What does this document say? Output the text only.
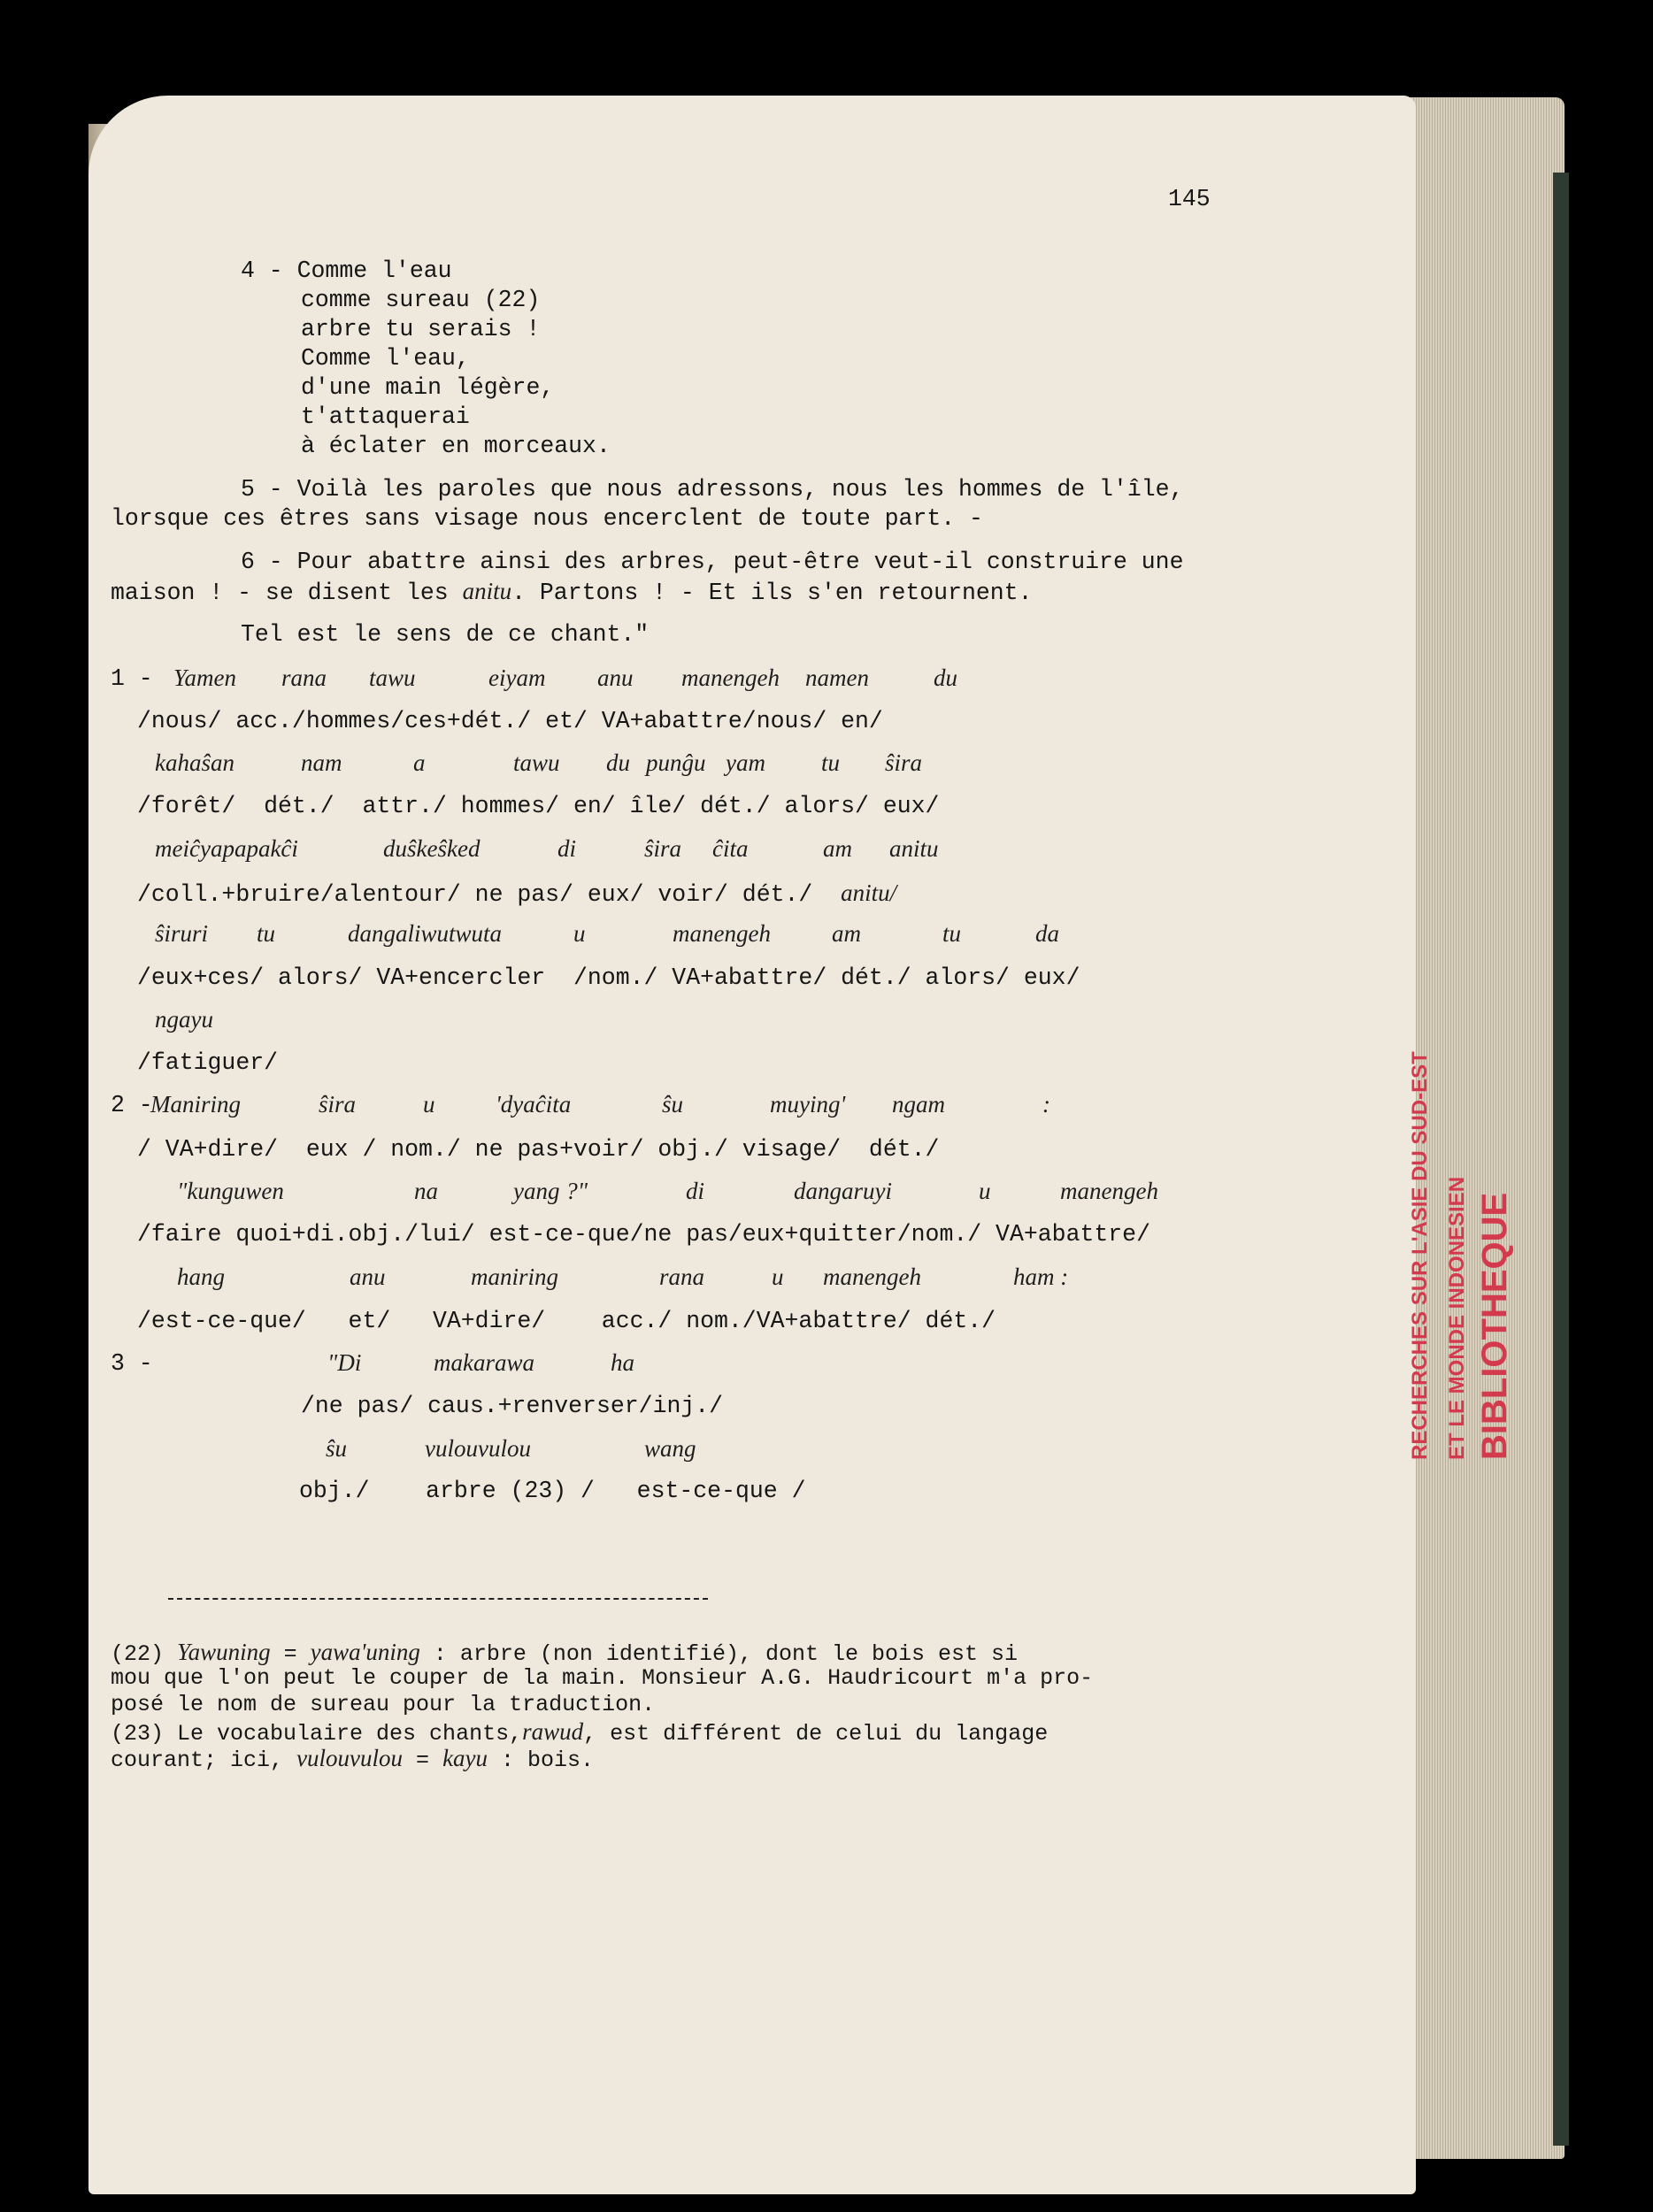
145
4 - Comme l'eau
comme sureau (22)
arbre tu serais !
Comme l'eau,
d'une main légère,
t'attaquerai
à éclater en morceaux.
5 - Voilà les paroles que nous adressons, nous les hommes de l'île,
lorsque ces êtres sans visage nous encerclent de toute part. -
6 - Pour abattre ainsi des arbres, peut-être veut-il construire une
maison ! - se disent les anitu. Partons ! - Et ils s'en retournent.
Tel est le sens de ce chant."
1 - Yamen rana tawu	eiyam anu manengeh namen	du
/nous/ acc./hommes/ces+dét./ et/ VA+abattre/nous/ en/
kahaŝan	nam	a	tawu du punĝu yam tu ŝira
/forêt/  dét./  attr./ hommes/ en/ île/ dét./ alors/ eux/
meiĉyapapakĉi	duŝkeŝked	di	ŝira ĉita	am anitu
/coll.+bruire/alentour/ ne pas/ eux/ voir/ dét./ anitu/
ŝiruri tu	dangaliwutwuta	u	manengeh	am	tu	da
/eux+ces/ alors/ VA+encercler  /nom./ VA+abattre/ dét./ alors/ eux/
ngayu
/fatiguer/
2 -
Maniring	ŝira	u	'dyaĉita	ŝu	muying' ngam	:
/ VA+dire/  eux / nom./ ne pas+voir/ obj./ visage/  dét./
"kunguwen	na	yang ?"	di	dangaruyi	u	manengeh
/faire quoi+di.obj./lui/ est-ce-que/ne pas/eux+quitter/nom./ VA+abattre/
hang	anu	maniring	rana	u manengeh	ham :
/est-ce-que/   et/   VA+dire/    acc./ nom./VA+abattre/ dét./
3 -	"Di	makarawa	ha
/ne pas/ caus.+renverser/inj./
ŝu	vulouvulou	wang
obj./    arbre (23) /   est-ce-que /
(22) Yawuning = yawa'uning : arbre (non identifié), dont le bois est si
mou que l'on peut le couper de la main. Monsieur A.G. Haudricourt m'a pro-
posé le nom de sureau pour la traduction.
(23) Le vocabulaire des chants,rawud, est différent de celui du langage
courant; ici, vulouvulou = kayu : bois.
RECHERCHES SUR L'ASIE DU SUD-EST ET LE MONDE INDONESIEN BIBLIOTHEQUE
